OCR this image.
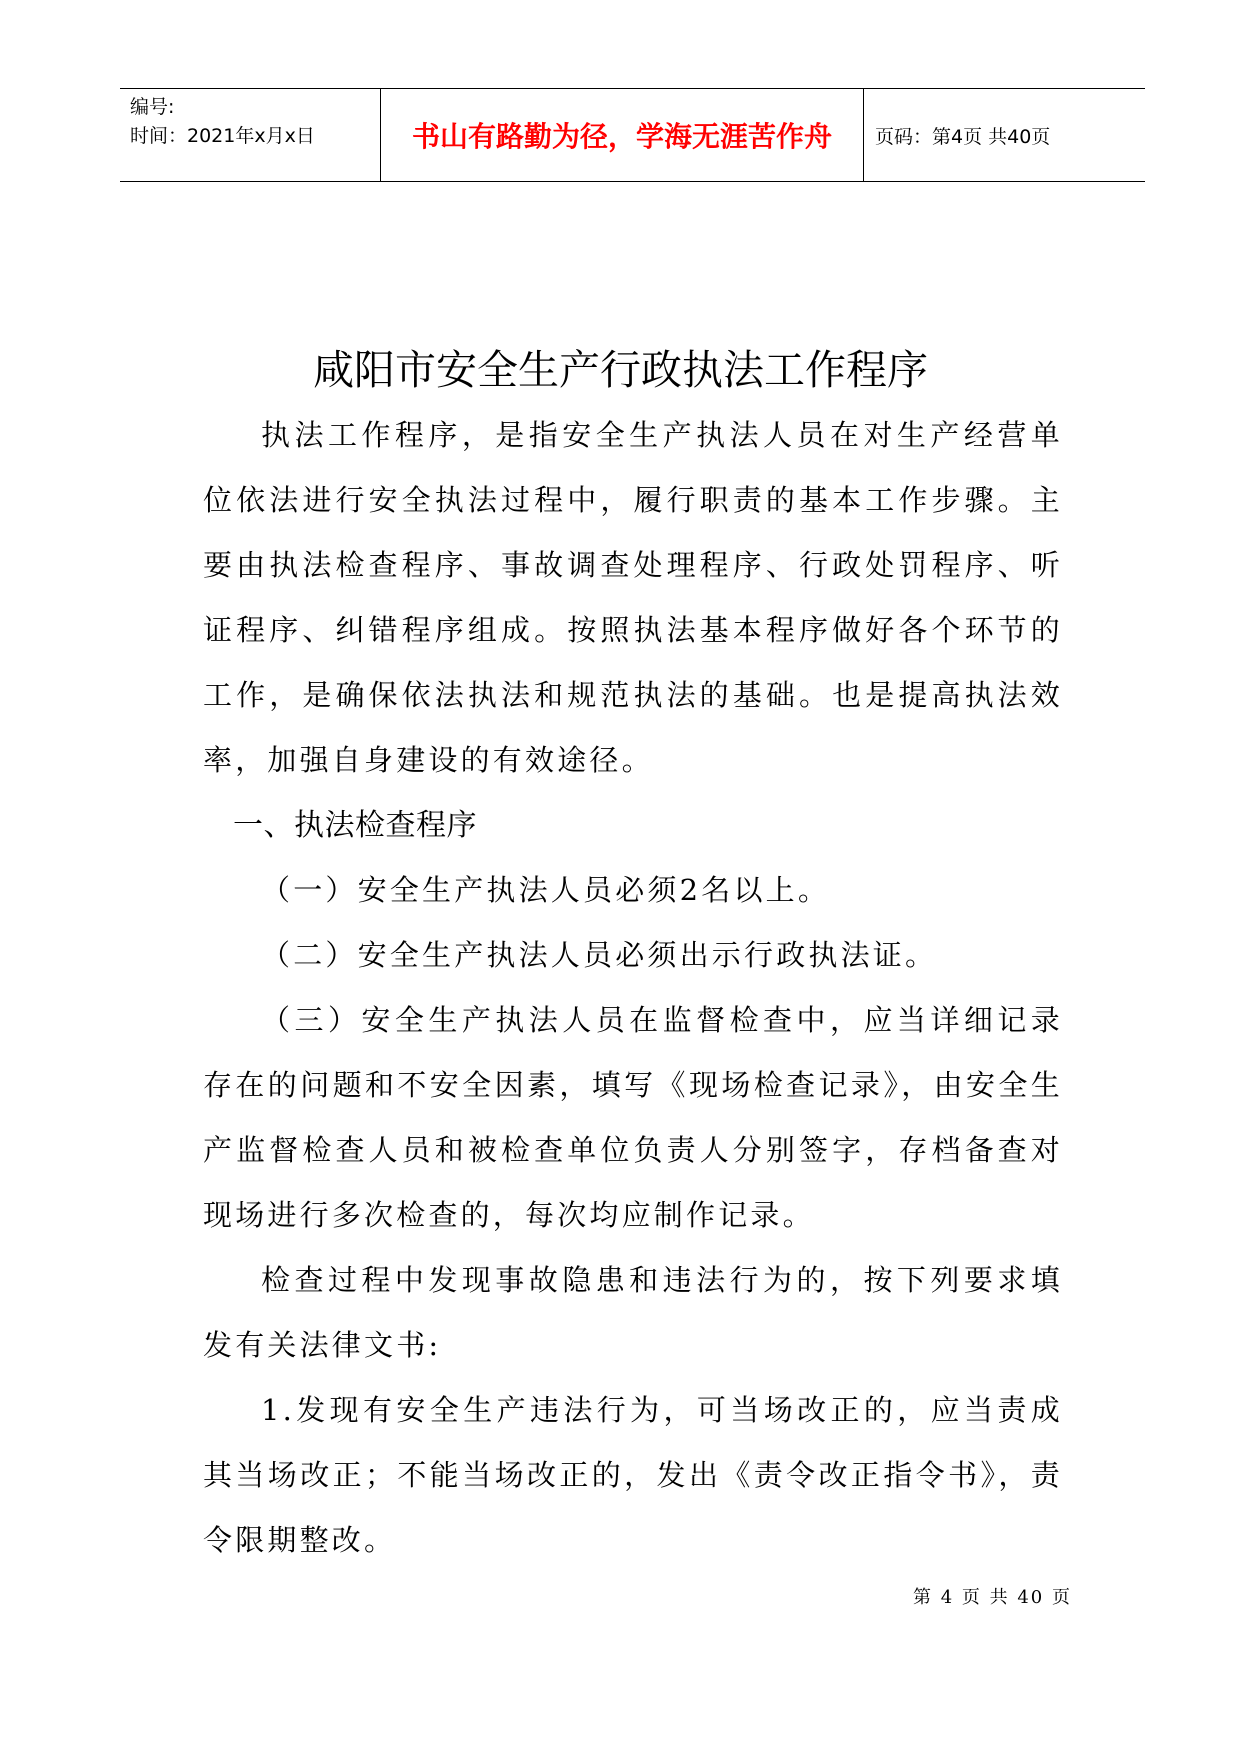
编号:
时间：2021年x月x日	书山有路勤为径，学海无涯苦作舟 页码：第4页 共40页
咸阳市安全生产行政执法工作程序

执法工作程序，是指安全生产执法人员在对生产经营单位依法进行安全执法过程中，履行职责的基本工作步骤。主要由执法检查程序、事故调查处理程序、行政处罚程序、听证程序、纠错程序组成。按照执法基本程序做好各个环节的工作，是确保依法执法和规范执法的基础。也是提高执法效率，加强自身建设的有效途径。

一、执法检查程序

（一）安全生产执法人员必须2名以上。

（二）安全生产执法人员必须出示行政执法证。

（三）安全生产执法人员在监督检查中，应当详细记录存在的问题和不安全因素，填写《现场检查记录》，由安全生产监督检查人员和被检查单位负责人分别签字，存档备查对现场进行多次检查的，每次均应制作记录。

检查过程中发现事故隐患和违法行为的，按下列要求填发有关法律文书:

1.发现有安全生产违法行为，可当场改正的，应当责成其当场改正；不能当场改正的，发出《责令改正指令书》，责令限期整改。

第 4 页 共 40 页
